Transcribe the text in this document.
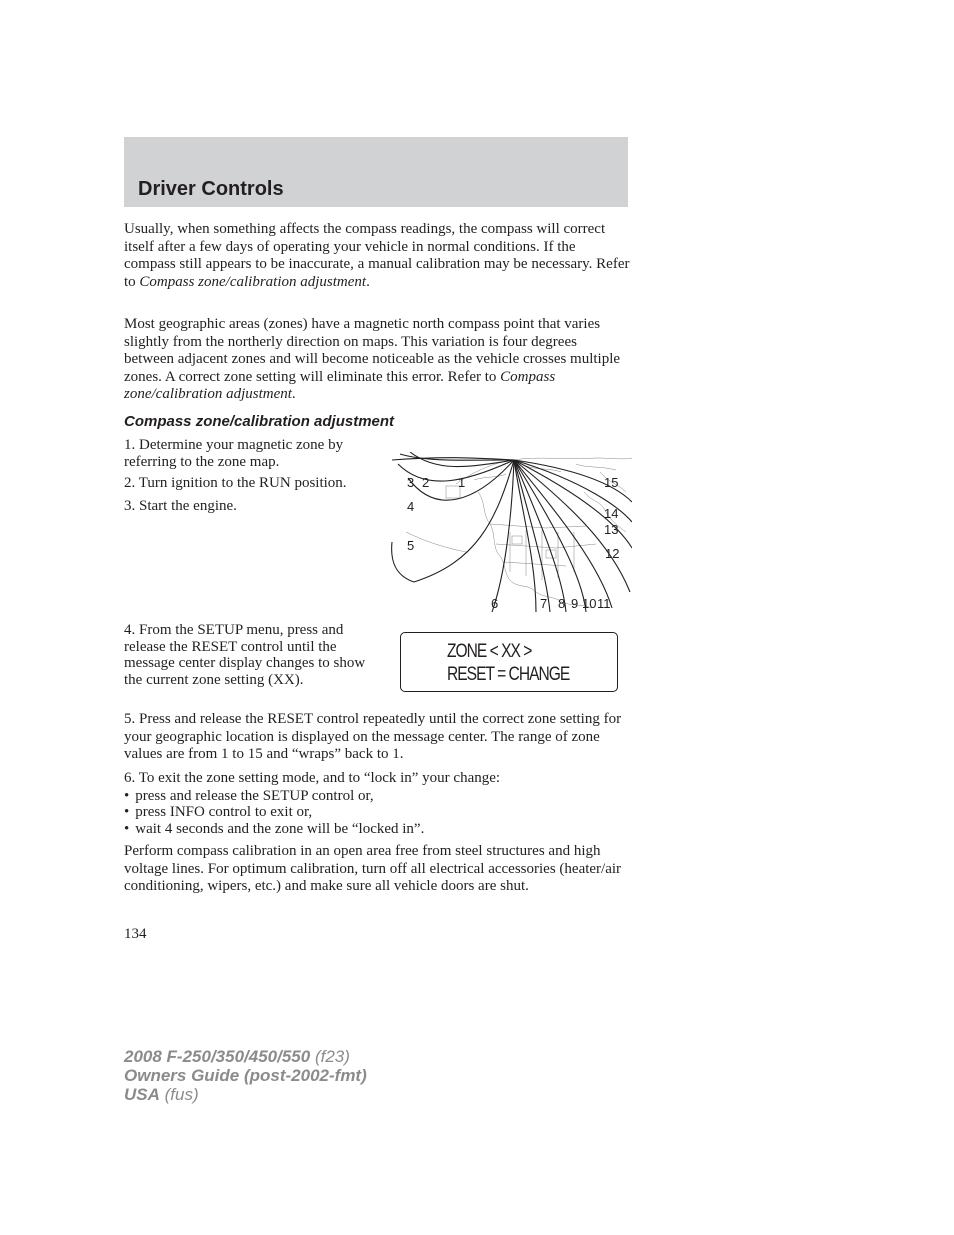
Driver Controls

Usually, when something affects the compass readings, the compass will correct itself after a few days of operating your vehicle in normal conditions. If the compass still appears to be inaccurate, a manual calibration may be necessary. Refer to Compass zone/calibration adjustment.

Most geographic areas (zones) have a magnetic north compass point that varies slightly from the northerly direction on maps. This variation is four degrees between adjacent zones and will become noticeable as the vehicle crosses multiple zones. A correct zone setting will eliminate this error. Refer to Compass zone/calibration adjustment.

Compass zone/calibration adjustment

1. Determine your magnetic zone by referring to the zone map.

2. Turn ignition to the RUN position.

3. Start the engine.

1
2
3
4
5
6	7 8 9 10 11
12
13
14
15

4. From the SETUP menu, press and release the RESET control until the message center display changes to show the current zone setting (XX).

ZONE < XX >

RESET = CHANGE

5. Press and release the RESET control repeatedly until the correct zone setting for your geographic location is displayed on the message center. The range of zone values are from 1 to 15 and “wraps” back to 1.

6. To exit the zone setting mode, and to “lock in” your change:

• press and release the SETUP control or,
• press INFO control to exit or,
• wait 4 seconds and the zone will be “locked in”.

Perform compass calibration in an open area free from steel structures and high voltage lines. For optimum calibration, turn off all electrical accessories (heater/air conditioning, wipers, etc.) and make sure all vehicle doors are shut.

134

2008 F-250/350/450/550 (f23)
Owners Guide (post-2002-fmt)
USA (fus)
